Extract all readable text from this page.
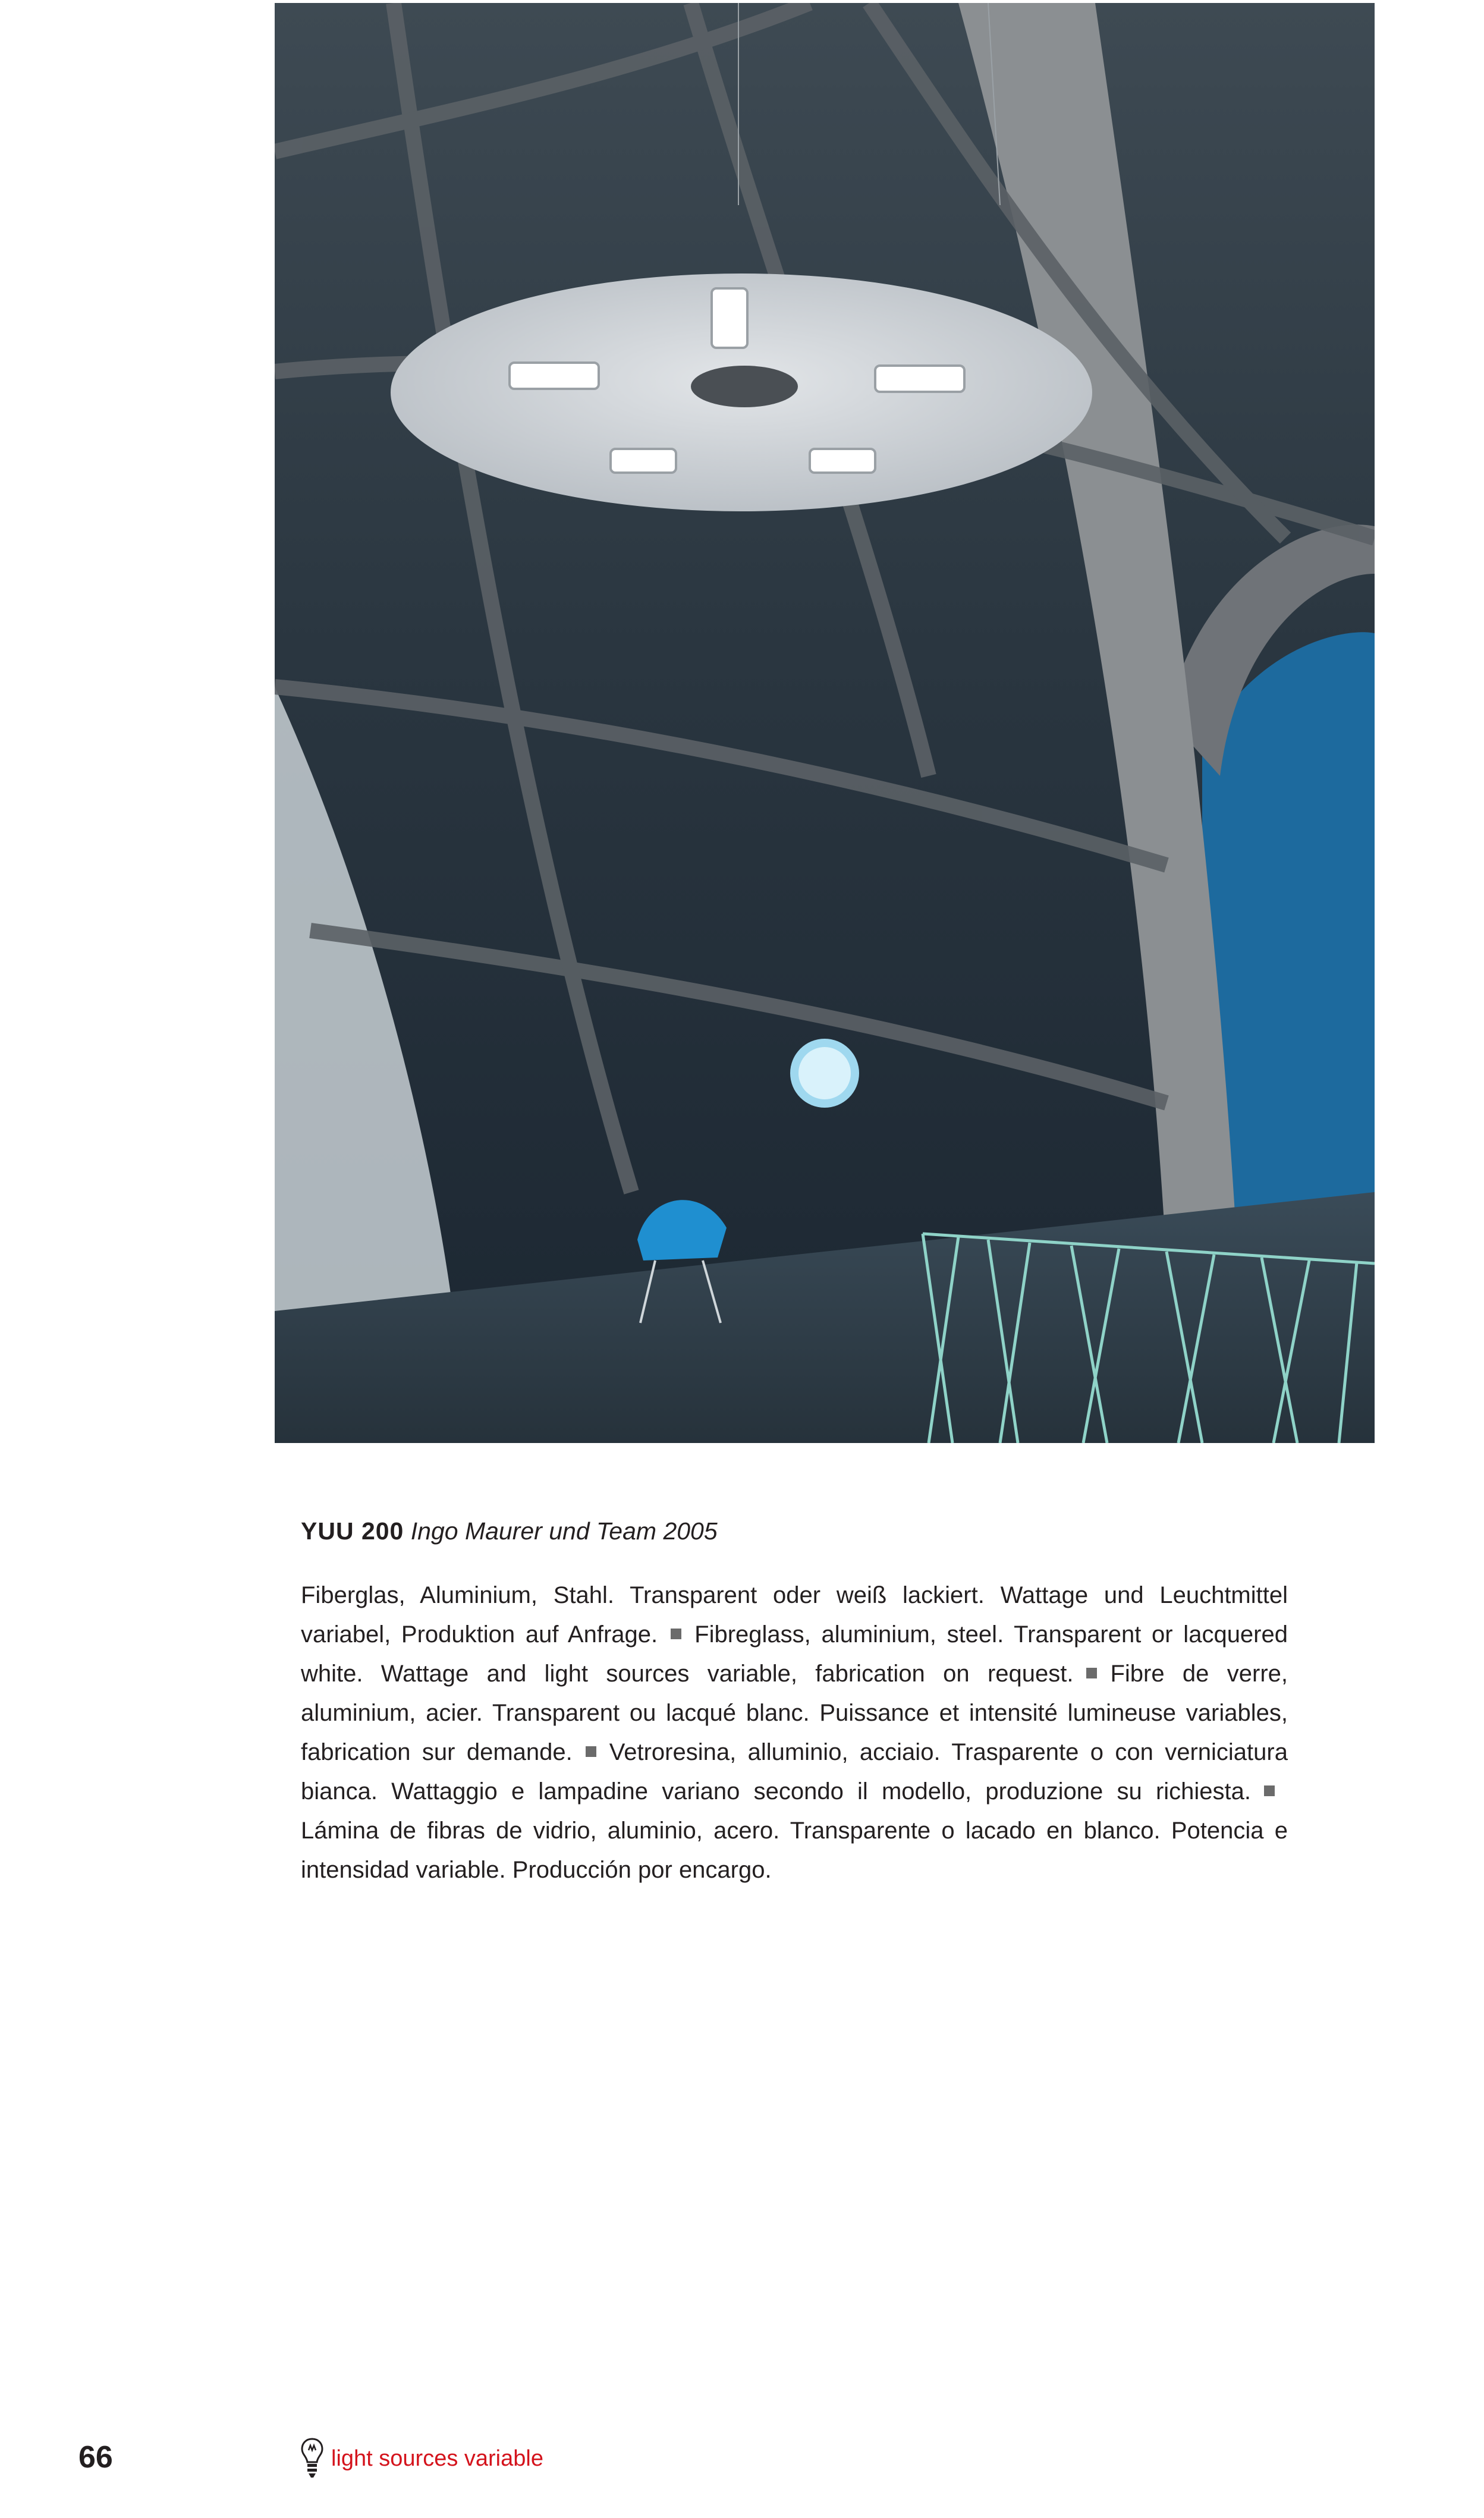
YUU 200 Ingo Maurer und Team 2005
Fiberglas, Aluminium, Stahl. Transparent oder weiß lackiert. Wattage und Leuchtmittel variabel, Produktion auf Anfrage. Fibreglass, aluminium, steel. Transparent or lacquered white. Wattage and light sources variable, fabrication on request. Fibre de verre, aluminium, acier. Transparent ou lacqué blanc. Puissance et intensité lumineuse variables, fabrication sur demande. Vetroresina, alluminio, acciaio. Trasparente o con verniciatura bianca. Wattaggio e lampadine variano secondo il modello, produzione su richiesta.Lámina de fibras de vidrio, aluminio, acero. Transparente o lacado en blanco. Potencia e intensidad variable. Producción por encargo.
66	light sources variable
